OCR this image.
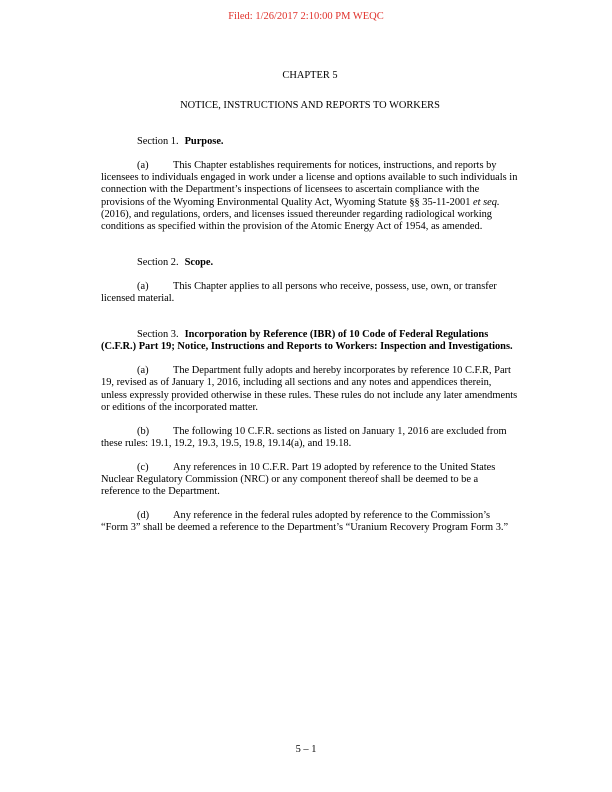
Filed: 1/26/2017 2:10:00 PM WEQC

CHAPTER 5

NOTICE, INSTRUCTIONS AND REPORTS TO WORKERS

Section 1. Purpose.

(a) This Chapter establishes requirements for notices, instructions, and reports by licensees to individuals engaged in work under a license and options available to such individuals in connection with the Department’s inspections of licensees to ascertain compliance with the provisions of the Wyoming Environmental Quality Act, Wyoming Statute §§ 35-11-2001 et seq. (2016), and regulations, orders, and licenses issued thereunder regarding radiological working conditions as specified within the provision of the Atomic Energy Act of 1954, as amended.

Section 2. Scope.

(a) This Chapter applies to all persons who receive, possess, use, own, or transfer licensed material.

Section 3. Incorporation by Reference (IBR) of 10 Code of Federal Regulations (C.F.R.) Part 19; Notice, Instructions and Reports to Workers: Inspection and Investigations.

(a) The Department fully adopts and hereby incorporates by reference 10 C.F.R, Part 19, revised as of January 1, 2016, including all sections and any notes and appendices therein, unless expressly provided otherwise in these rules. These rules do not include any later amendments or editions of the incorporated matter.

(b) The following 10 C.F.R. sections as listed on January 1, 2016 are excluded from these rules: 19.1, 19.2, 19.3, 19.5, 19.8, 19.14(a), and 19.18.

(c) Any references in 10 C.F.R. Part 19 adopted by reference to the United States Nuclear Regulatory Commission (NRC) or any component thereof shall be deemed to be a reference to the Department.

(d) Any reference in the federal rules adopted by reference to the Commission’s “Form 3” shall be deemed a reference to the Department’s “Uranium Recovery Program Form 3.”

5 – 1
